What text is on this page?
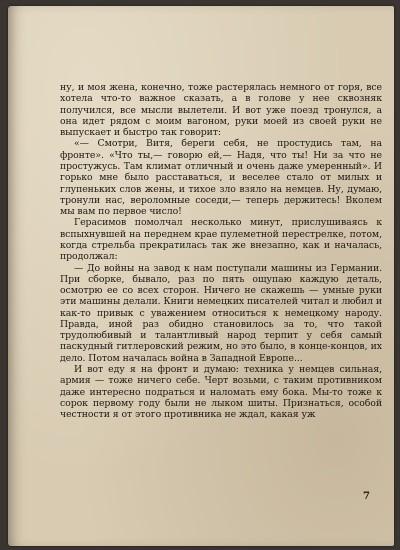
ну, и моя жена, конечно, тоже растерялась немного от горя, все хотела что-то важное сказать, а в голове у нее сквозняк получился, все мысли вылетели. И вот уже поезд тронулся, а она идет рядом с моим вагоном, руки моей из своей руки не выпускает и быстро так говорит:

«— Смотри, Витя, береги себя, не простудись там, на фронте». «Что ты,— говорю ей,— Надя, что ты! Ни за что не простужусь. Там климат отличный и очень даже умеренный». И горько мне было расставаться, и веселее стало от милых и глупеньких слов жены, и тихое зло взяло на немцев. Ну, думаю, тронули нас, вероломные соседи,— теперь держитесь! Вколем мы вам по первое число!

Герасимов помолчал несколько минут, прислушиваясь к вспыхнувшей на переднем крае пулеметной перестрелке, потом, когда стрельба прекратилась так же внезапно, как и началась, продолжал:

— До войны на завод к нам поступали машины из Германии. При сборке, бывало, раз по пять ощупаю каждую деталь, осмотрю ее со всех сторон. Ничего не скажешь — умные руки эти машины делали. Книги немецких писателей читал и любил и как-то привык с уважением относиться к немецкому народу. Правда, иной раз обидно становилось за то, что такой трудолюбивый и талантливый народ терпит у себя самый паскудный гитлеровский режим, но это было, в конце-концов, их дело. Потом началась война в Западной Европе...

И вот еду я на фронт и думаю: техника у немцев сильная, армия — тоже ничего себе. Черт возьми, с таким противником даже интересно подраться и наломать ему бока. Мы-то тоже к сорок первому году были не лыком шиты. Признаться, особой честности я от этого противника не ждал, какая уж

7
